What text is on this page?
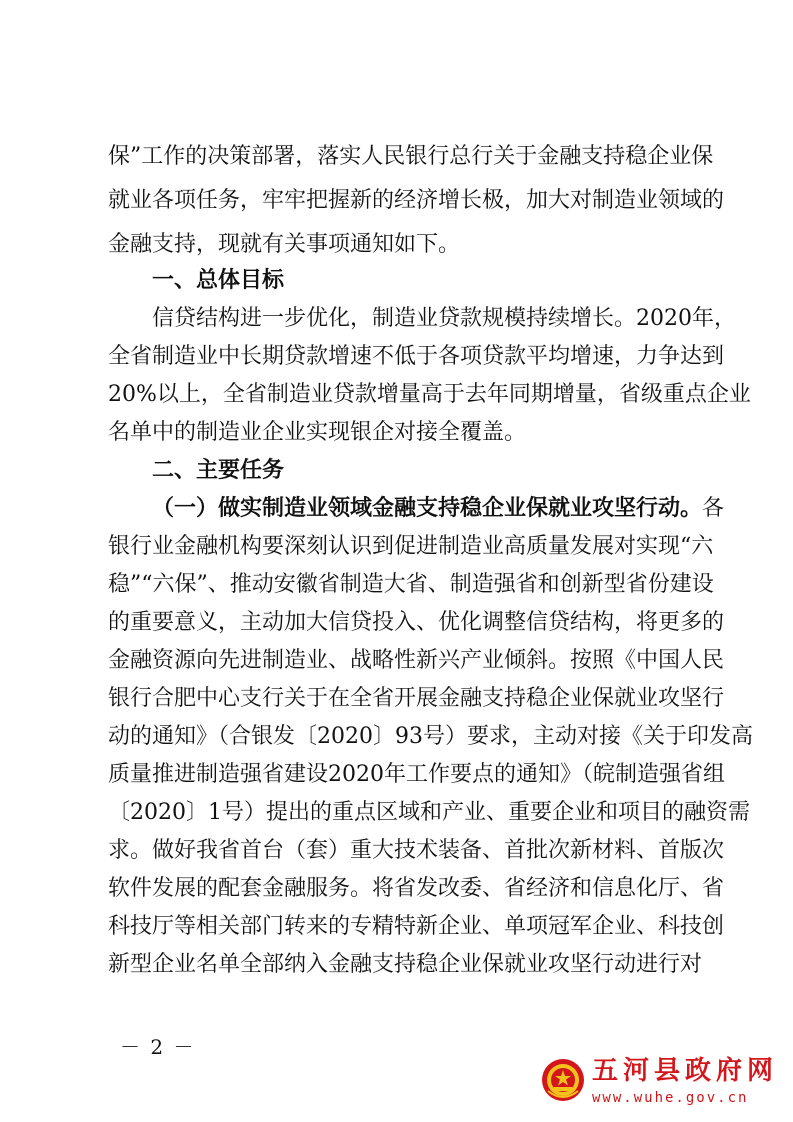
保”工作的决策部署，落实人民银行总行关于金融支持稳企业保
就业各项任务，牢牢把握新的经济增长极，加大对制造业领域的
金融支持，现就有关事项通知如下。
一、总体目标
信贷结构进一步优化，制造业贷款规模持续增长。2020年，
全省制造业中长期贷款增速不低于各项贷款平均增速，力争达到
20%以上，全省制造业贷款增量高于去年同期增量，省级重点企业
名单中的制造业企业实现银企对接全覆盖。
二、主要任务
（一）做实制造业领域金融支持稳企业保就业攻坚行动。各
银行业金融机构要深刻认识到促进制造业高质量发展对实现“六
稳”“六保”、推动安徽省制造大省、制造强省和创新型省份建设
的重要意义，主动加大信贷投入、优化调整信贷结构，将更多的
金融资源向先进制造业、战略性新兴产业倾斜。按照《中国人民
银行合肥中心支行关于在全省开展金融支持稳企业保就业攻坚行
动的通知》（合银发〔2020〕93号）要求，主动对接《关于印发高
质量推进制造强省建设2020年工作要点的通知》（皖制造强省组
〔2020〕1号）提出的重点区域和产业、重要企业和项目的融资需
求。做好我省首台（套）重大技术装备、首批次新材料、首版次
软件发展的配套金融服务。将省发改委、省经济和信息化厅、省
科技厅等相关部门转来的专精特新企业、单项冠军企业、科技创
新型企业名单全部纳入金融支持稳企业保就业攻坚行动进行对
－ 2 －
五河县政府网
www.wuhe.gov.cn
